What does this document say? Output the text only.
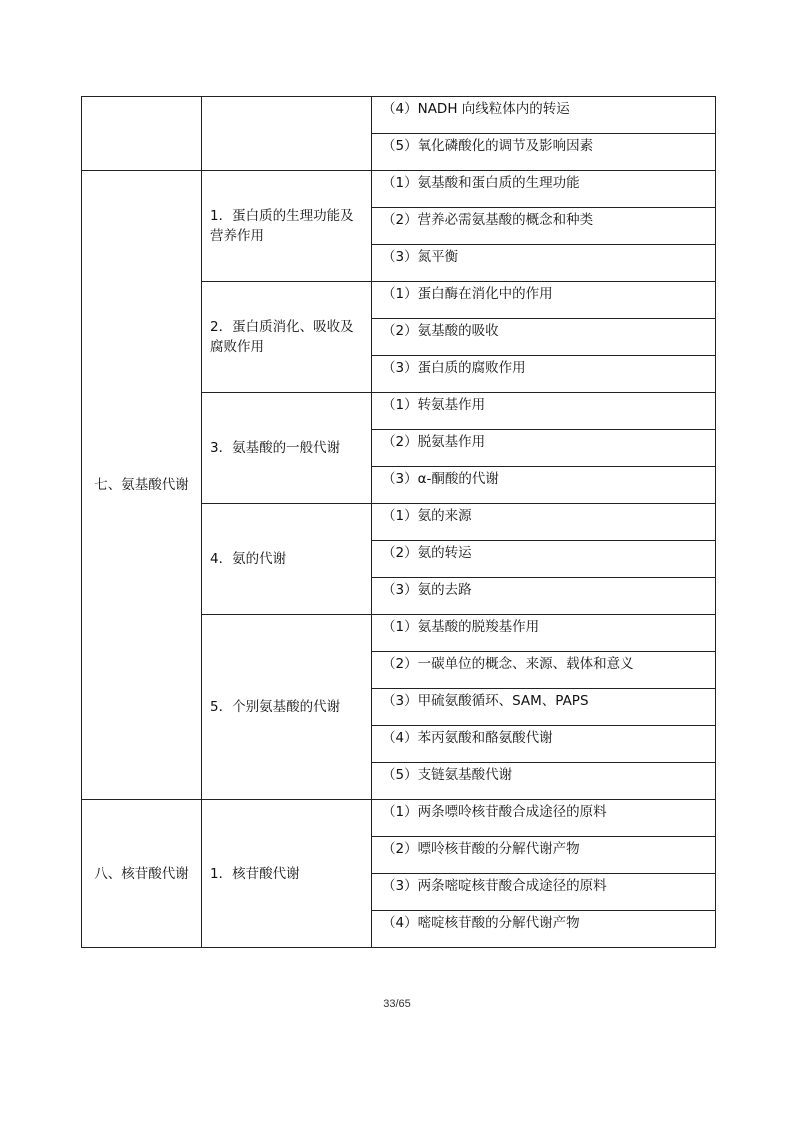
		（4）NADH 向线粒体内的转运
		（5）氧化磷酸化的调节及影响因素
七、氨基酸代谢	1．蛋白质的生理功能及营养作用	（1）氨基酸和蛋白质的生理功能
		（2）营养必需氨基酸的概念和种类
		（3）氮平衡
	2．蛋白质消化、吸收及腐败作用	（1）蛋白酶在消化中的作用
		（2）氨基酸的吸收
		（3）蛋白质的腐败作用
	3．氨基酸的一般代谢	（1）转氨基作用
		（2）脱氨基作用
		（3）α-酮酸的代谢
	4．氨的代谢	（1）氨的来源
		（2）氨的转运
		（3）氨的去路
	5．个别氨基酸的代谢	（1）氨基酸的脱羧基作用
		（2）一碳单位的概念、来源、载体和意义
		（3）甲硫氨酸循环、SAM、PAPS
		（4）苯丙氨酸和酪氨酸代谢
		（5）支链氨基酸代谢
八、核苷酸代谢	1．核苷酸代谢	（1）两条嘌呤核苷酸合成途径的原料
		（2）嘌呤核苷酸的分解代谢产物
		（3）两条嘧啶核苷酸合成途径的原料
		（4）嘧啶核苷酸的分解代谢产物
33/65
